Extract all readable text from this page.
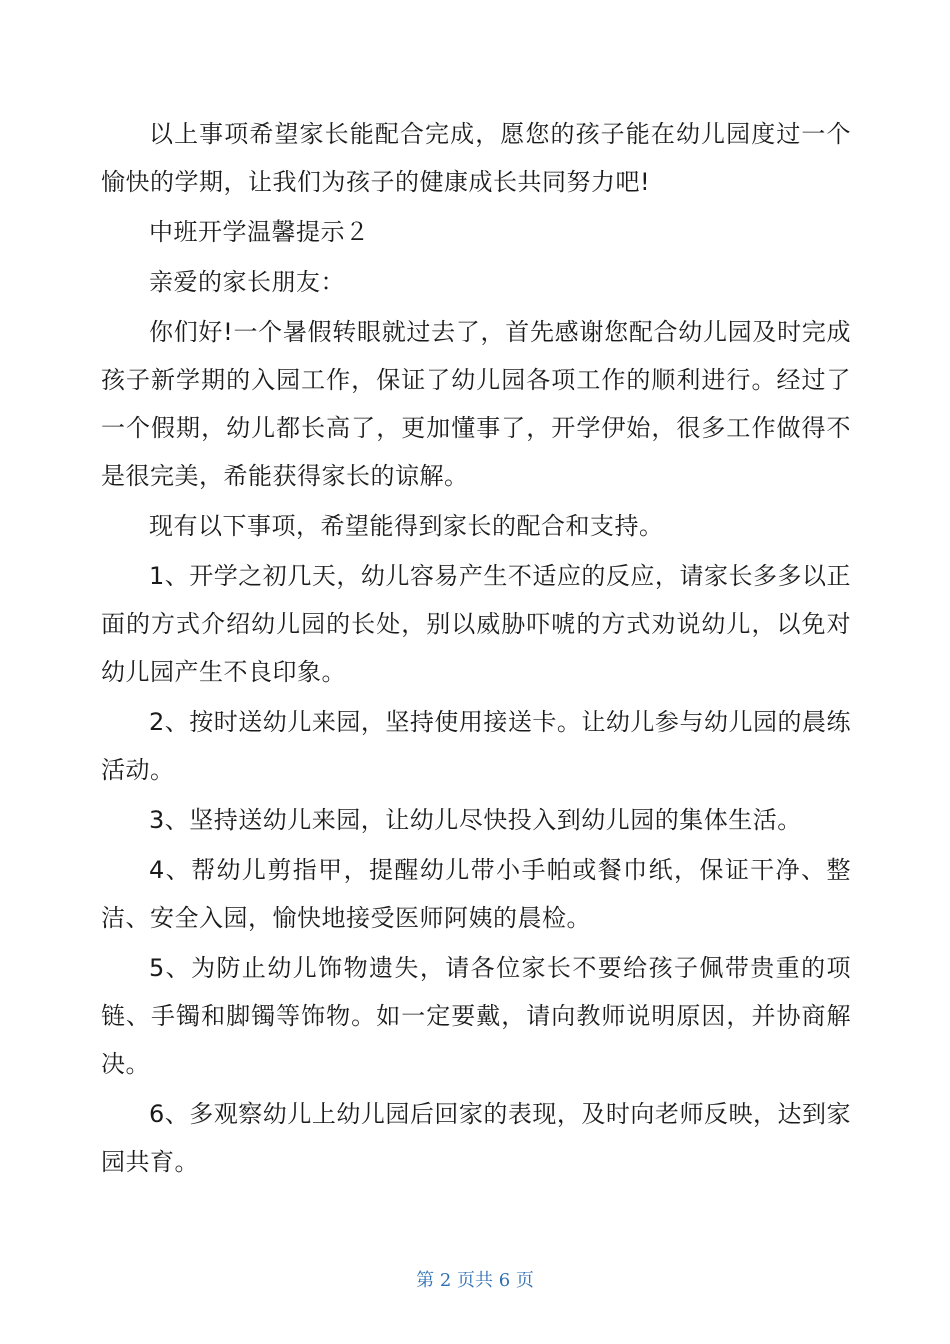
以上事项希望家长能配合完成，愿您的孩子能在幼儿园度过一个愉快的学期，让我们为孩子的健康成长共同努力吧!

中班开学温馨提示２

亲爱的家长朋友：

你们好!一个暑假转眼就过去了，首先感谢您配合幼儿园及时完成孩子新学期的入园工作，保证了幼儿园各项工作的顺利进行。经过了一个假期，幼儿都长高了，更加懂事了，开学伊始，很多工作做得不是很完美，希能获得家长的谅解。

现有以下事项，希望能得到家长的配合和支持。

1、开学之初几天，幼儿容易产生不适应的反应，请家长多多以正面的方式介绍幼儿园的长处，别以威胁吓唬的方式劝说幼儿，以免对幼儿园产生不良印象。

2、按时送幼儿来园，坚持使用接送卡。让幼儿参与幼儿园的晨练活动。

3、坚持送幼儿来园，让幼儿尽快投入到幼儿园的集体生活。

4、帮幼儿剪指甲，提醒幼儿带小手帕或餐巾纸，保证干净、整洁、安全入园，愉快地接受医师阿姨的晨检。

5、为防止幼儿饰物遗失，请各位家长不要给孩子佩带贵重的项链、手镯和脚镯等饰物。如一定要戴，请向教师说明原因，并协商解决。

6、多观察幼儿上幼儿园后回家的表现，及时向老师反映，达到家园共育。

第 2 页共 6 页
